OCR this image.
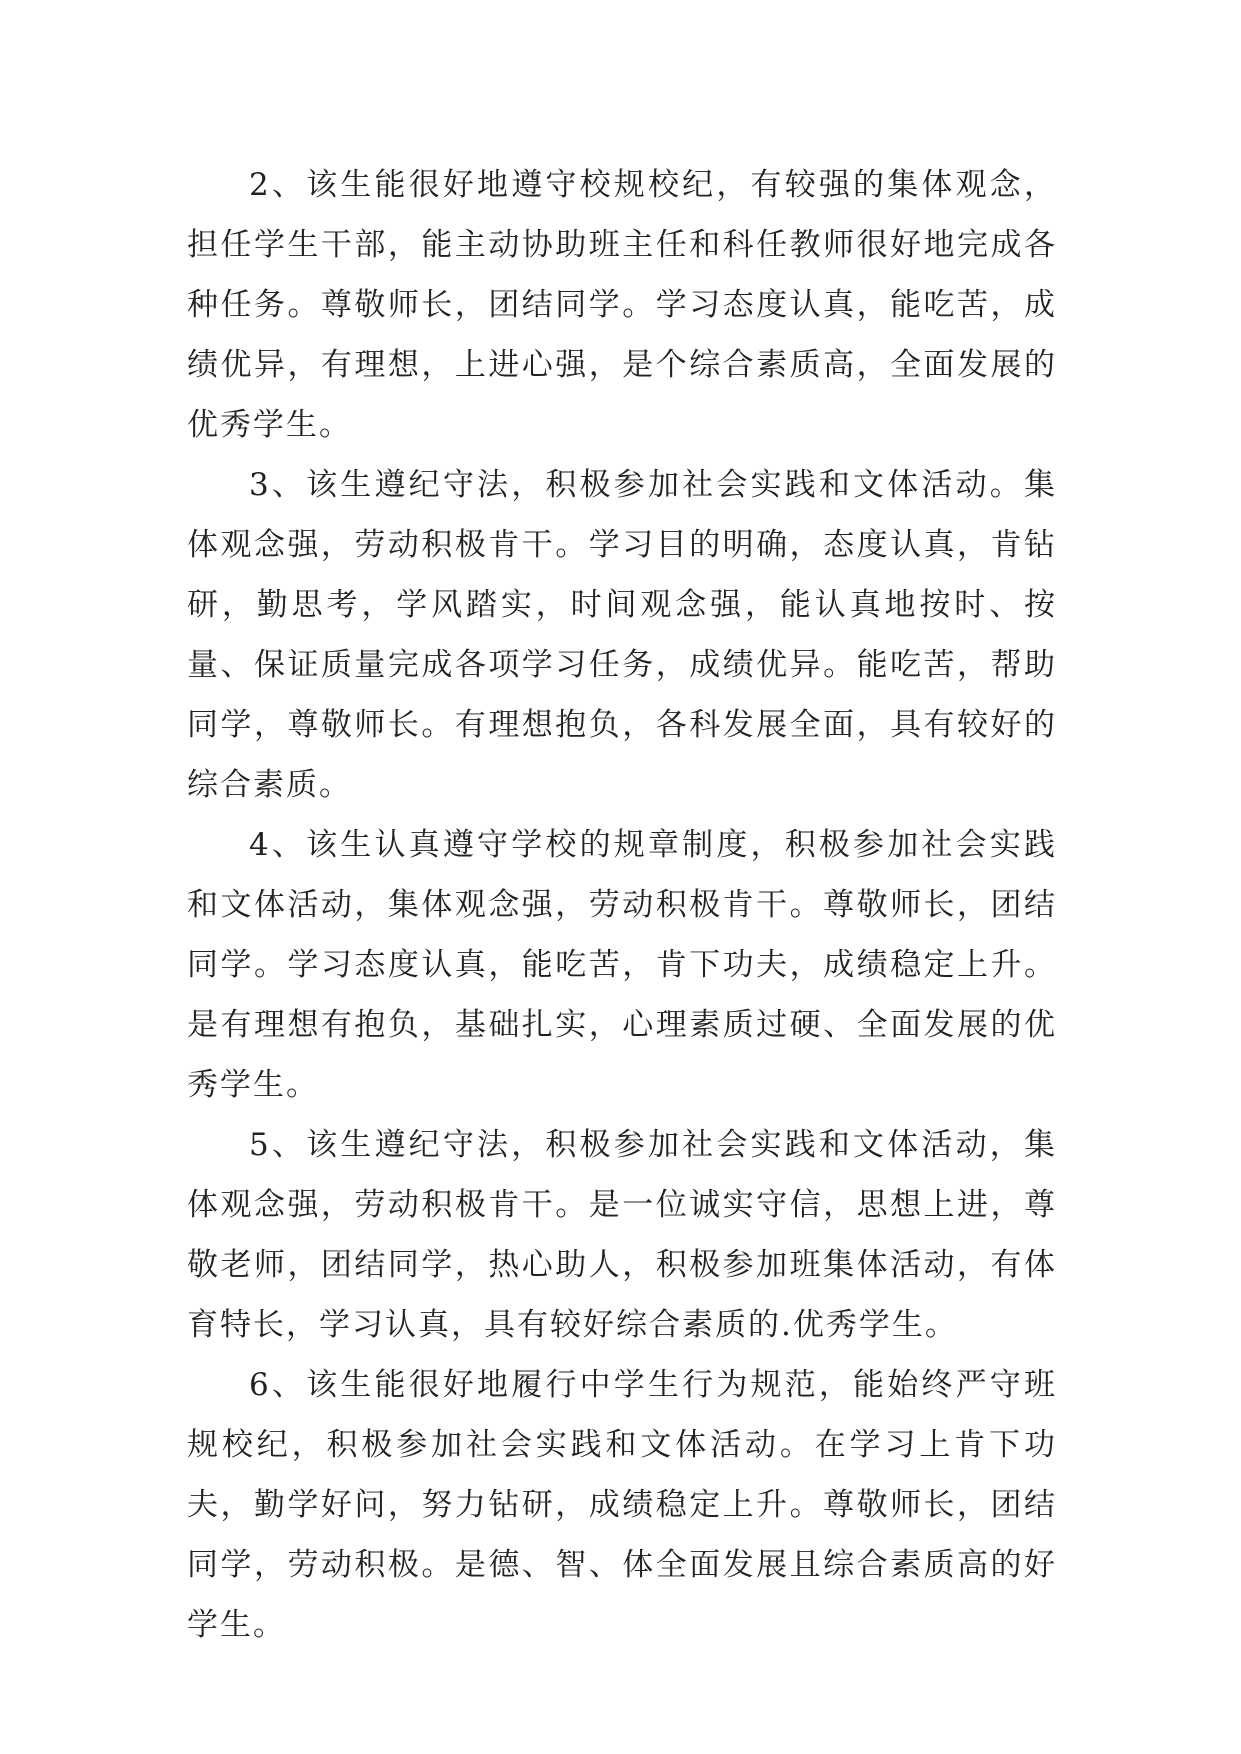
2、该生能很好地遵守校规校纪，有较强的集体观念，担任学生干部，能主动协助班主任和科任教师很好地完成各种任务。尊敬师长，团结同学。学习态度认真，能吃苦，成绩优异，有理想，上进心强，是个综合素质高，全面发展的优秀学生。

3、该生遵纪守法，积极参加社会实践和文体活动。集体观念强，劳动积极肯干。学习目的明确，态度认真，肯钻研，勤思考，学风踏实，时间观念强，能认真地按时、按量、保证质量完成各项学习任务，成绩优异。能吃苦，帮助同学，尊敬师长。有理想抱负，各科发展全面，具有较好的综合素质。

4、该生认真遵守学校的规章制度，积极参加社会实践和文体活动，集体观念强，劳动积极肯干。尊敬师长，团结同学。学习态度认真，能吃苦，肯下功夫，成绩稳定上升。是有理想有抱负，基础扎实，心理素质过硬、全面发展的优秀学生。

5、该生遵纪守法，积极参加社会实践和文体活动，集体观念强，劳动积极肯干。是一位诚实守信，思想上进，尊敬老师，团结同学，热心助人，积极参加班集体活动，有体育特长，学习认真，具有较好综合素质的.优秀学生。

6、该生能很好地履行中学生行为规范，能始终严守班规校纪，积极参加社会实践和文体活动。在学习上肯下功夫，勤学好问，努力钻研，成绩稳定上升。尊敬师长，团结同学，劳动积极。是德、智、体全面发展且综合素质高的好学生。
